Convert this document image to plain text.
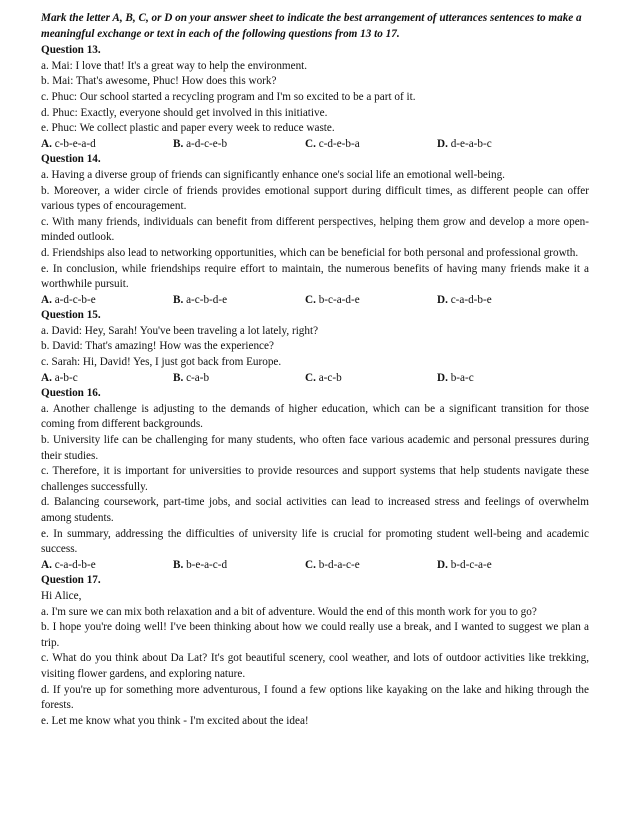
Mark the letter A, B, C, or D on your answer sheet to indicate the best arrangement of utterances sentences to make a meaningful exchange or text in each of the following questions from 13 to 17.

Question 13.

a. Mai: I love that! It's a great way to help the environment.

b. Mai: That's awesome, Phuc! How does this work?

c. Phuc: Our school started a recycling program and I'm so excited to be a part of it.

d. Phuc: Exactly, everyone should get involved in this initiative.

e. Phuc: We collect plastic and paper every week to reduce waste.

A. c-b-e-a-d	B. a-d-c-e-b	C. c-d-e-b-a	D. d-e-a-b-c

Question 14.

a. Having a diverse group of friends can significantly enhance one's social life an emotional well-being.

b. Moreover, a wider circle of friends provides emotional support during difficult times, as different people can offer various types of encouragement.

c. With many friends, individuals can benefit from different perspectives, helping them grow and develop a more open-minded outlook.

d. Friendships also lead to networking opportunities, which can be beneficial for both personal and professional growth.

e. In conclusion, while friendships require effort to maintain, the numerous benefits of having many friends make it a worthwhile pursuit.

A. a-d-c-b-e	B. a-c-b-d-e	C. b-c-a-d-e	D. c-a-d-b-e

Question 15.

a. David: Hey, Sarah! You've been traveling a lot lately, right?

b. David: That's amazing! How was the experience?

c. Sarah: Hi, David! Yes, I just got back from Europe.

A. a-b-c	B. c-a-b	C. a-c-b	D. b-a-c

Question 16.

a. Another challenge is adjusting to the demands of higher education, which can be a significant transition for those coming from different backgrounds.

b. University life can be challenging for many students, who often face various academic and personal pressures during their studies.

c. Therefore, it is important for universities to provide resources and support systems that help students navigate these challenges successfully.

d. Balancing coursework, part-time jobs, and social activities can lead to increased stress and feelings of overwhelm among students.

e. In summary, addressing the difficulties of university life is crucial for promoting student well-being and academic success.

A. c-a-d-b-e	B. b-e-a-c-d	C. b-d-a-c-e	D. b-d-c-a-e

Question 17.

Hi Alice,

a. I'm sure we can mix both relaxation and a bit of adventure. Would the end of this month work for you to go?

b. I hope you're doing well! I've been thinking about how we could really use a break, and I wanted to suggest we plan a trip.

c. What do you think about Da Lat? It's got beautiful scenery, cool weather, and lots of outdoor activities like trekking, visiting flower gardens, and exploring nature.

d. If you're up for something more adventurous, I found a few options like kayaking on the lake and hiking through the forests.

e. Let me know what you think - I'm excited about the idea!
